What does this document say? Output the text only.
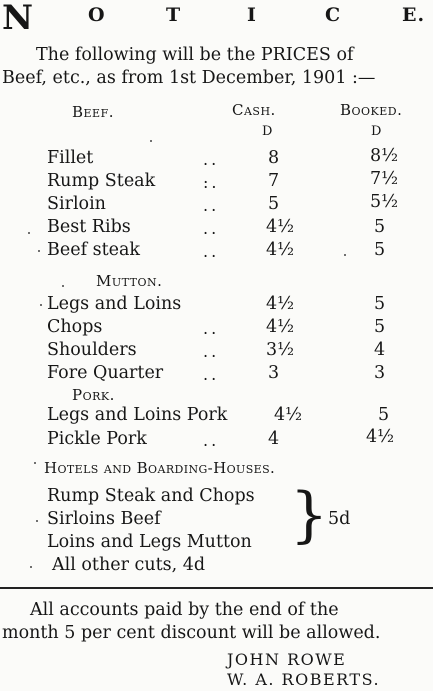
N	O	T	I	C	E.
The following will be the PRICES of
Beef, etc., as from 1st December, 1901 :—
Beef.	Cash.	Booked.
D	D
Fillet	..	8	8½
Rump Steak	:.	7	7½
Sirloin	..	5	5½
Best Ribs	..	4½	5
Beef steak	..	4½	5
Mutton.
Legs and Loins	4½	5
Chops	..	4½	5
Shoulders	..	3½	4
Fore Quarter ..	3	3
Pork.
Legs and Loins Pork	4½	5
Pickle Pork	..	4	4½
Hotels and Boarding-Houses.
Rump Steak and Chops
Sirloins Beef
Loins and Legs Mutton } 5d
All other cuts, 4d
All accounts paid by the end of the
month 5 per cent discount will be allowed.
JOHN ROWE
W. A. ROBERTS.
